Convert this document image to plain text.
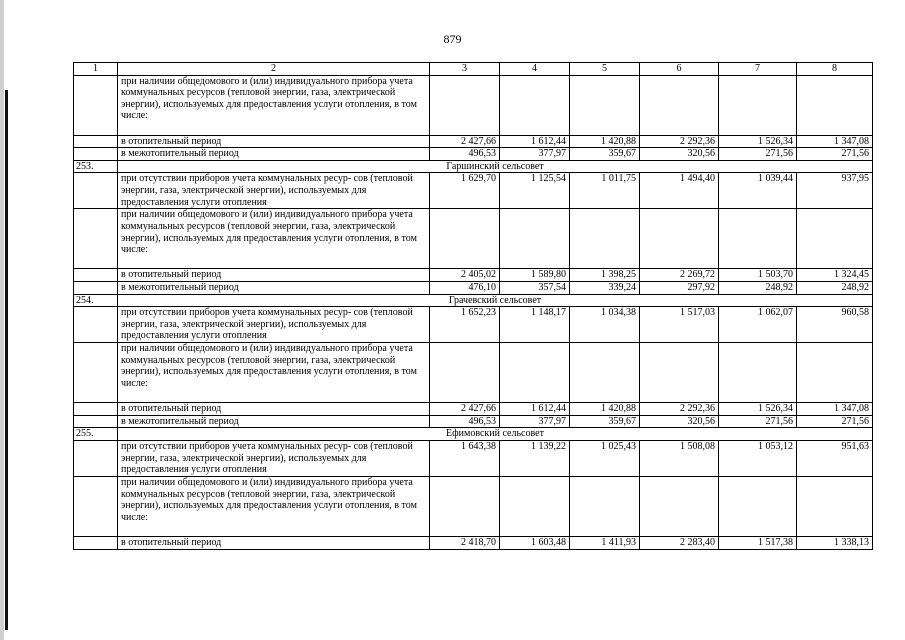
879
1	2	3	4	5	6	7	8
	при наличии общедомового и (или) индивидуального прибора учета коммунальных ресурсов (тепловой энергии, газа, электрической энергии), используемых для предоставления услуги отопления, в том числе:						
	в отопительный период	2 427,66	1 612,44	1 420,88	2 292,36	1 526,34	1 347,08
	в межотопительный период	496,53	377,97	359,67	320,56	271,56	271,56
253.	Гаршинский сельсовет						
	при отсутствии приборов учета коммунальных ресур- сов (тепловой энергии, газа, электрической энергии), используемых для предоставления услуги отопления	1 629,70	1 125,54	1 011,75	1 494,40	1 039,44	937,95
	при наличии общедомового и (или) индивидуального прибора учета коммунальных ресурсов (тепловой энергии, газа, электрической энергии), используемых для предоставления услуги отопления, в том числе:						
	в отопительный период	2 405,02	1 589,80	1 398,25	2 269,72	1 503,70	1 324,45
	в межотопительный период	476,10	357,54	339,24	297,92	248,92	248,92
254.	Грачевский сельсовет						
	при отсутствии приборов учета коммунальных ресур- сов (тепловой энергии, газа, электрической энергии), используемых для предоставления услуги отопления	1 652,23	1 148,17	1 034,38	1 517,03	1 062,07	960,58
	при наличии общедомового и (или) индивидуального прибора учета коммунальных ресурсов (тепловой энергии, газа, электрической энергии), используемых для предоставления услуги отопления, в том числе:						
	в отопительный период	2 427,66	1 612,44	1 420,88	2 292,36	1 526,34	1 347,08
	в межотопительный период	496,53	377,97	359,67	320,56	271,56	271,56
255.	Ефимовский сельсовет						
	при отсутствии приборов учета коммунальных ресур- сов (тепловой энергии, газа, электрической энергии), используемых для предоставления услуги отопления	1 643,38	1 139,22	1 025,43	1 508,08	1 053,12	951,63
	при наличии общедомового и (или) индивидуального прибора учета коммунальных ресурсов (тепловой энергии, газа, электрической энергии), используемых для предоставления услуги отопления, в том числе:						
	в отопительный период	2 418,70	1 603,48	1 411,93	2 283,40	1 517,38	1 338,13
